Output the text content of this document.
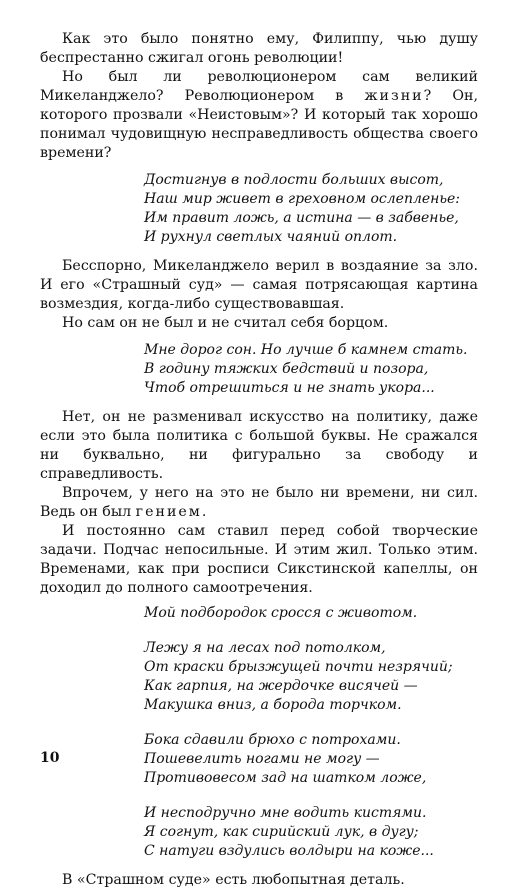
Как это было понятно ему, Филиппу, чью душу беспрестанно сжигал огонь революции!

Но был ли революционером сам великий Микеланджело? Революционером в жизни? Он, которого прозвали «Неистовым»? И который так хорошо понимал чудовищную несправедливость общества своего времени?

Достигнув в подлости больших высот,
Наш мир живет в греховном ослепленье:
Им правит ложь, а истина — в забвенье,
И рухнул светлых чаяний оплот.

Бесспорно, Микеланджело верил в воздаяние за зло. И его «Страшный суд» — самая потрясающая картина возмездия, когда-либо существовавшая.

Но сам он не был и не считал себя борцом.

Мне дорог сон. Но лучше б камнем стать.
В годину тяжких бедствий и позора,
Чтоб отрешиться и не знать укора...

Нет, он не разменивал искусство на политику, даже если это была политика с большой буквы. Не сражался ни буквально, ни фигурально за свободу и справедливость.

Впрочем, у него на это не было ни времени, ни сил. Ведь он был гением.

И постоянно сам ставил перед собой творческие задачи. Подчас непосильные. И этим жил. Только этим. Временами, как при росписи Сикстинской капеллы, он доходил до полного самоотречения.

Мой подбородок сросся с животом.
Лежу я на лесах под потолком,
От краски брызжущей почти незрячий;
Как гарпия, на жердочке висячей —
Макушка вниз, а борода торчком.
Бока сдавили брюхо с потрохами.
Пошевелить ногами не могу —
Противовесом зад на шатком ложе,
И несподручно мне водить кистями.
Я согнут, как сирийский лук, в дугу;
С натуги вздулись волдыри на коже...

В «Страшном суде» есть любопытная деталь.

10
